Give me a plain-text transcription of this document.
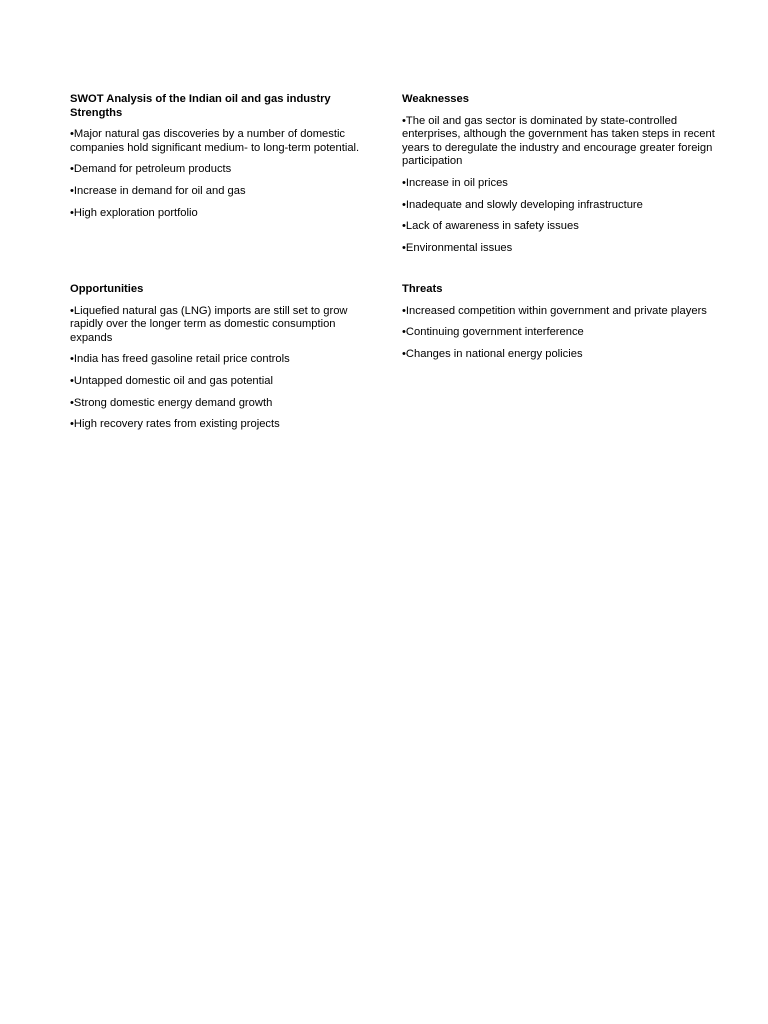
SWOT Analysis of the Indian oil and gas industry
Strengths
•Major natural gas discoveries by a number of domestic companies hold significant medium- to long-term potential.
•Demand for petroleum products
•Increase in demand for oil and gas
•High exploration portfolio
Weaknesses
•The oil and gas sector is dominated by state-controlled enterprises, although the government has taken steps in recent years to deregulate the industry and encourage greater foreign participation
•Increase in oil prices
•Inadequate and slowly developing infrastructure
•Lack of awareness in safety issues
•Environmental issues
Opportunities
•Liquefied natural gas (LNG) imports are still set to grow rapidly over the longer term as domestic consumption expands
•India has freed gasoline retail price controls
•Untapped domestic oil and gas potential
•Strong domestic energy demand growth
•High recovery rates from existing projects
Threats
•Increased competition within government and private players
•Continuing government interference
•Changes in national energy policies
